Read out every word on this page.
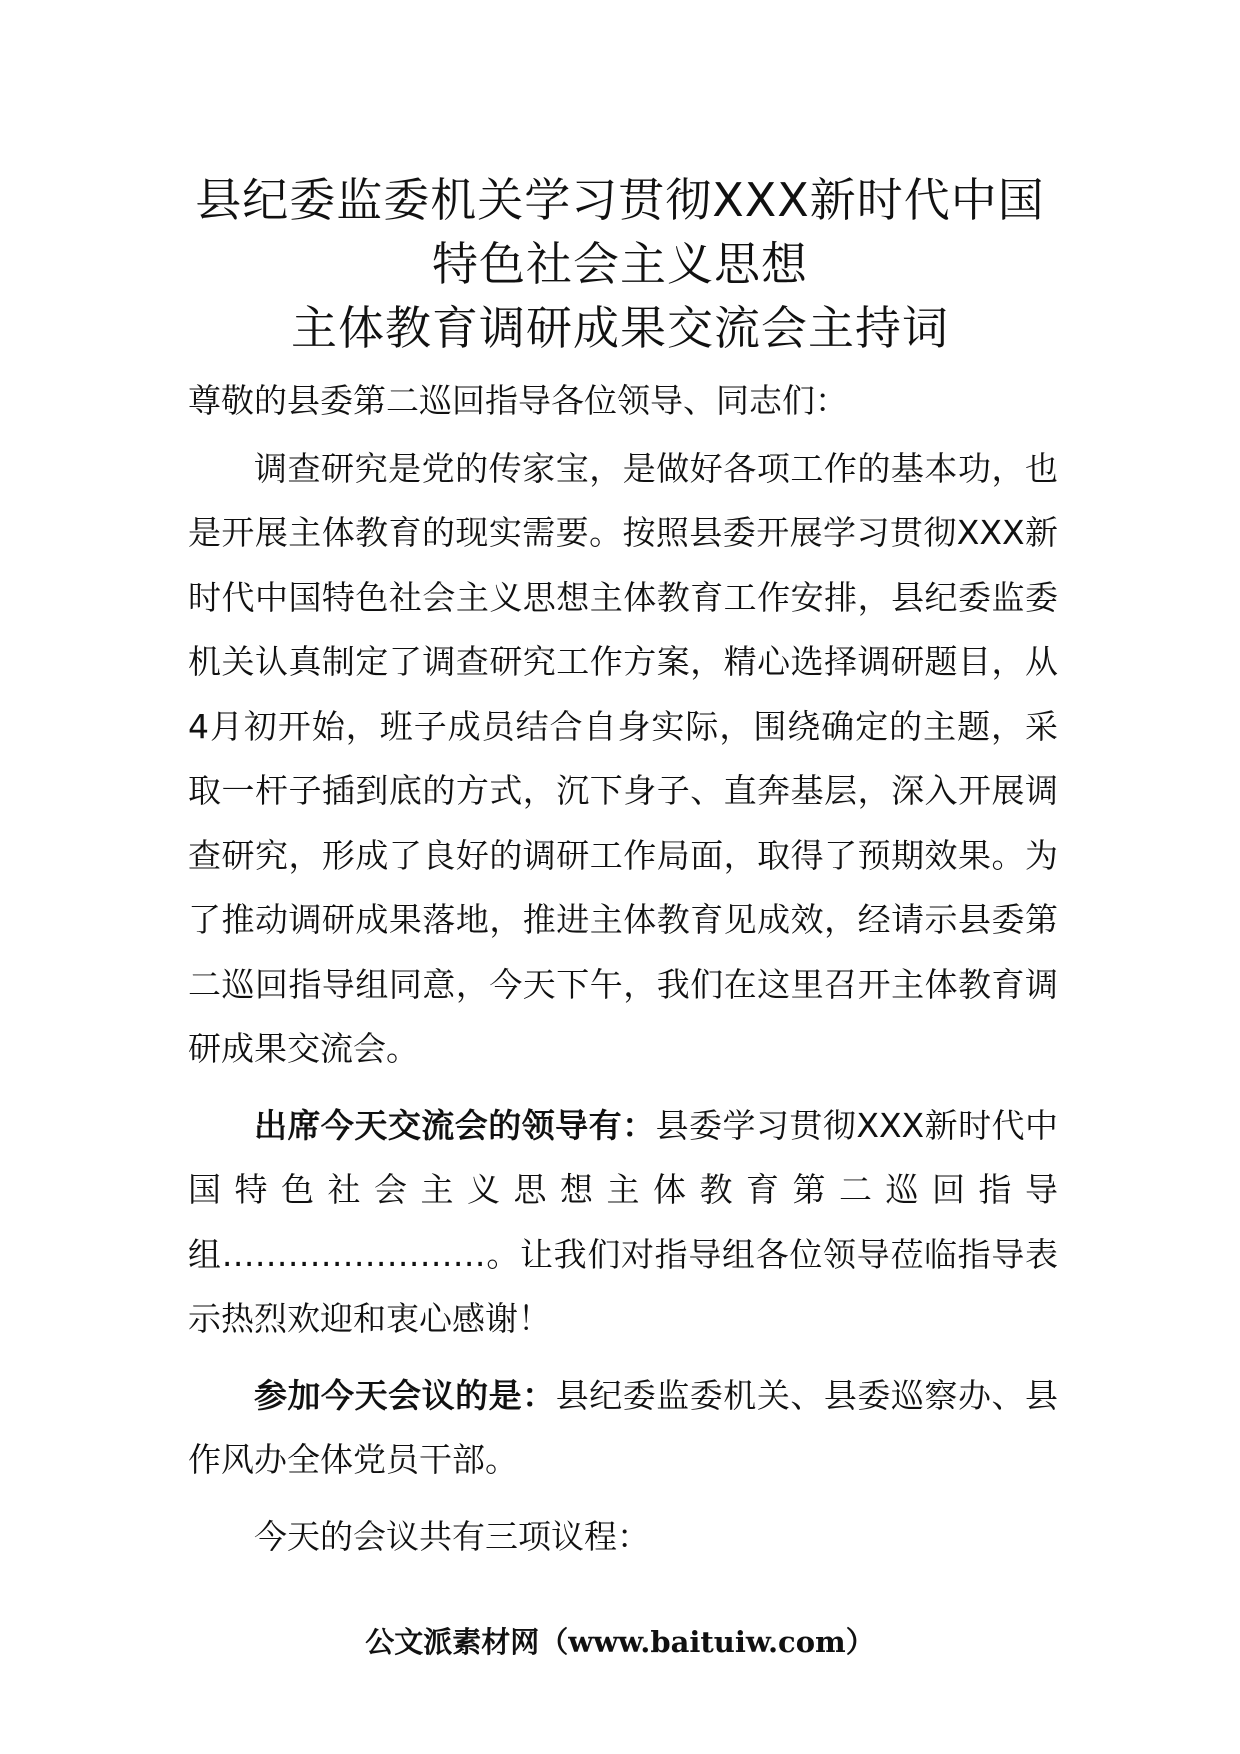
县纪委监委机关学习贯彻XXX新时代中国
特色社会主义思想
主体教育调研成果交流会主持词

尊敬的县委第二巡回指导各位领导、同志们：

调查研究是党的传家宝，是做好各项工作的基本功，也是开展主体教育的现实需要。按照县委开展学习贯彻XXX新时代中国特色社会主义思想主体教育工作安排，县纪委监委机关认真制定了调查研究工作方案，精心选择调研题目，从4月初开始，班子成员结合自身实际，围绕确定的主题，采取一杆子插到底的方式，沉下身子、直奔基层，深入开展调查研究，形成了良好的调研工作局面，取得了预期效果。为了推动调研成果落地，推进主体教育见成效，经请示县委第二巡回指导组同意，今天下午，我们在这里召开主体教育调研成果交流会。

出席今天交流会的领导有：县委学习贯彻XXX新时代中国特色社会主义思想主体教育第二巡回指导组……………………。让我们对指导组各位领导莅临指导表示热烈欢迎和衷心感谢！

参加今天会议的是：县纪委监委机关、县委巡察办、县作风办全体党员干部。

今天的会议共有三项议程：

公文派素材网（www.baituiw.com）
